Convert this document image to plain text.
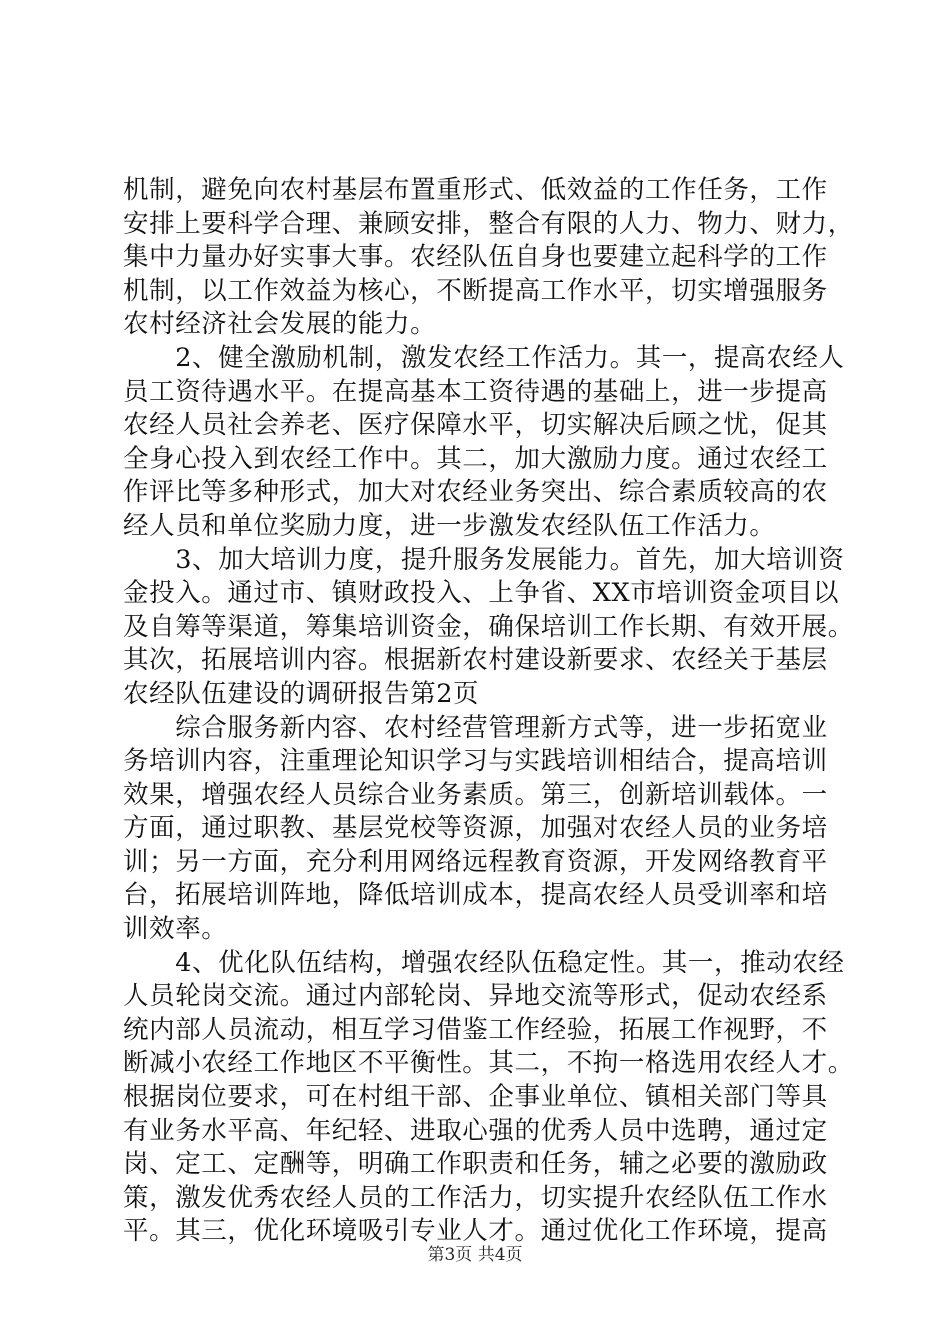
机制，避免向农村基层布置重形式、低效益的工作任务，工作
安排上要科学合理、兼顾安排，整合有限的人力、物力、财力，
集中力量办好实事大事。农经队伍自身也要建立起科学的工作
机制，以工作效益为核心，不断提高工作水平，切实增强服务
农村经济社会发展的能力。
　　2、健全激励机制，激发农经工作活力。其一，提高农经人
员工资待遇水平。在提高基本工资待遇的基础上，进一步提高
农经人员社会养老、医疗保障水平，切实解决后顾之忧，促其
全身心投入到农经工作中。其二，加大激励力度。通过农经工
作评比等多种形式，加大对农经业务突出、综合素质较高的农
经人员和单位奖励力度，进一步激发农经队伍工作活力。
　　3、加大培训力度，提升服务发展能力。首先，加大培训资
金投入。通过市、镇财政投入、上争省、XX市培训资金项目以
及自筹等渠道，筹集培训资金，确保培训工作长期、有效开展。
其次，拓展培训内容。根据新农村建设新要求、农经关于基层
农经队伍建设的调研报告第2页
　　综合服务新内容、农村经营管理新方式等，进一步拓宽业
务培训内容，注重理论知识学习与实践培训相结合，提高培训
效果，增强农经人员综合业务素质。第三，创新培训载体。一
方面，通过职教、基层党校等资源，加强对农经人员的业务培
训；另一方面，充分利用网络远程教育资源，开发网络教育平
台，拓展培训阵地，降低培训成本，提高农经人员受训率和培
训效率。
　　4、优化队伍结构，增强农经队伍稳定性。其一，推动农经
人员轮岗交流。通过内部轮岗、异地交流等形式，促动农经系
统内部人员流动，相互学习借鉴工作经验，拓展工作视野，不
断减小农经工作地区不平衡性。其二，不拘一格选用农经人才。
根据岗位要求，可在村组干部、企事业单位、镇相关部门等具
有业务水平高、年纪轻、进取心强的优秀人员中选聘，通过定
岗、定工、定酬等，明确工作职责和任务，辅之必要的激励政
策，激发优秀农经人员的工作活力，切实提升农经队伍工作水
平。其三，优化环境吸引专业人才。通过优化工作环境，提高
第3页 共4页
